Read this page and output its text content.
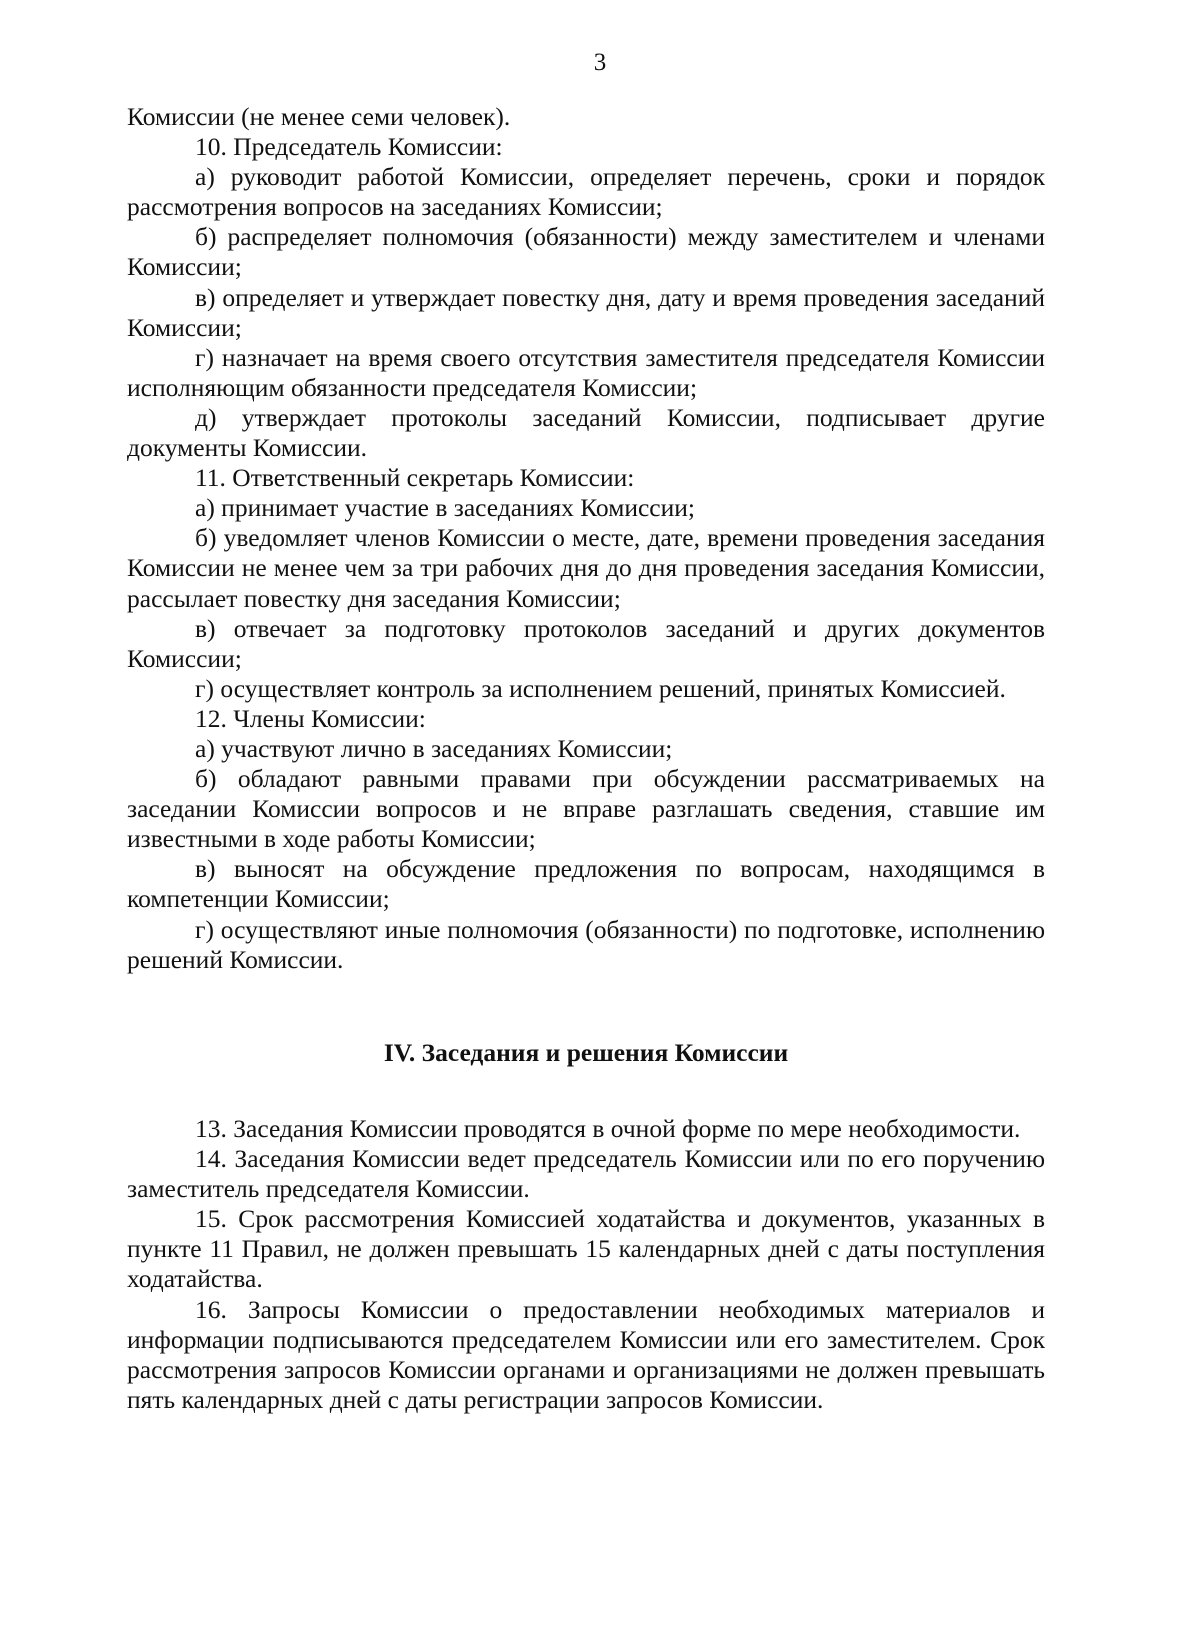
3

Комиссии (не менее семи человек).

10. Председатель Комиссии:

а) руководит работой Комиссии, определяет перечень, сроки и порядок рассмотрения вопросов на заседаниях Комиссии;

б) распределяет полномочия (обязанности) между заместителем и членами Комиссии;

в) определяет и утверждает повестку дня, дату и время проведения заседаний Комиссии;

г) назначает на время своего отсутствия заместителя председателя Комиссии исполняющим обязанности председателя Комиссии;

д) утверждает протоколы заседаний Комиссии, подписывает другие документы Комиссии.

11. Ответственный секретарь Комиссии:

а) принимает участие в заседаниях Комиссии;

б) уведомляет членов Комиссии о месте, дате, времени проведения заседания Комиссии не менее чем за три рабочих дня до дня проведения заседания Комиссии, рассылает повестку дня заседания Комиссии;

в) отвечает за подготовку протоколов заседаний и других документов Комиссии;

г) осуществляет контроль за исполнением решений, принятых Комиссией.

12. Члены Комиссии:

а) участвуют лично в заседаниях Комиссии;

б) обладают равными правами при обсуждении рассматриваемых на заседании Комиссии вопросов и не вправе разглашать сведения, ставшие им известными в ходе работы Комиссии;

в) выносят на обсуждение предложения по вопросам, находящимся в компетенции Комиссии;

г) осуществляют иные полномочия (обязанности) по подготовке, исполнению решений Комиссии.

IV. Заседания и решения Комиссии

13. Заседания Комиссии проводятся в очной форме по мере необходимости.

14. Заседания Комиссии ведет председатель Комиссии или по его поручению заместитель председателя Комиссии.

15. Срок рассмотрения Комиссией ходатайства и документов, указанных в пункте 11 Правил, не должен превышать 15 календарных дней с даты поступления ходатайства.

16. Запросы Комиссии о предоставлении необходимых материалов и информации подписываются председателем Комиссии или его заместителем. Срок рассмотрения запросов Комиссии органами и организациями не должен превышать пять календарных дней с даты регистрации запросов Комиссии.
